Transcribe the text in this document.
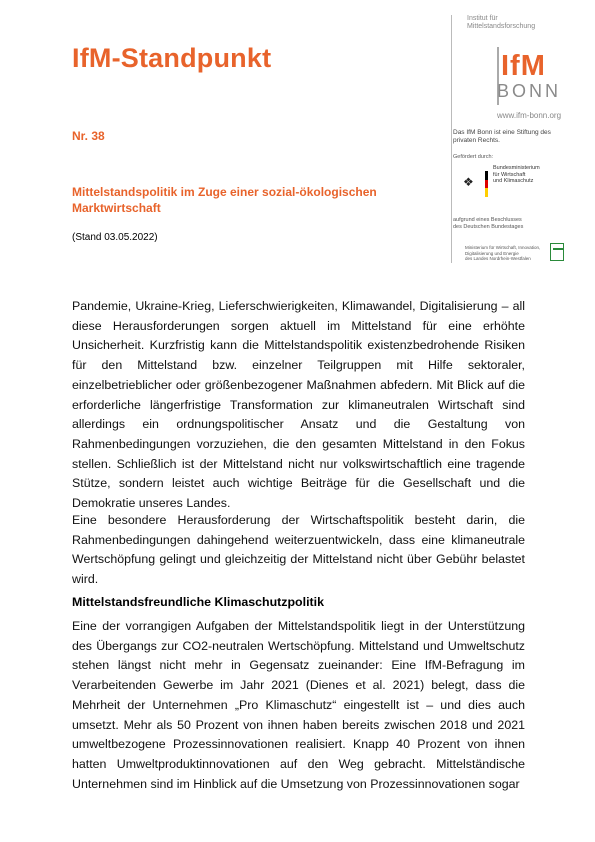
IfM-Standpunkt
Nr. 38
Mittelstandspolitik im Zuge einer sozial-ökologischen Marktwirtschaft
(Stand 03.05.2022)
Institut für
Mittelstandsforschung
IfM
BONN
www.ifm-bonn.org
Das IfM Bonn ist eine Stiftung des privaten Rechts.
Gefördert durch:
❖
Bundesministerium
für Wirtschaft
und Klimaschutz
aufgrund eines Beschlusses
des Deutschen Bundestages
Ministerium für Wirtschaft, Innovation,
Digitalisierung und Energie
des Landes Nordrhein-Westfalen
Pandemie, Ukraine-Krieg, Lieferschwierigkeiten, Klimawandel, Digitalisierung – all diese Herausforderungen sorgen aktuell im Mittelstand für eine erhöhte Unsicherheit. Kurzfristig kann die Mittelstandspolitik existenzbedrohende Risiken für den Mittelstand bzw. einzelner Teilgruppen mit Hilfe sektoraler, einzelbetrieblicher oder größenbezogener Maßnahmen abfedern. Mit Blick auf die erforderliche längerfristige Transformation zur klimaneutralen Wirtschaft sind allerdings ein ordnungspolitischer Ansatz und die Gestaltung von Rahmenbedingungen vorzuziehen, die den gesamten Mittelstand in den Fokus stellen. Schließlich ist der Mittelstand nicht nur volkswirtschaftlich eine tragende Stütze, sondern leistet auch wichtige Beiträge für die Gesellschaft und die Demokratie unseres Landes.
Eine besondere Herausforderung der Wirtschaftspolitik besteht darin, die Rahmenbedingungen dahingehend weiterzuentwickeln, dass eine klimaneutrale Wertschöpfung gelingt und gleichzeitig der Mittelstand nicht über Gebühr belastet wird.
Mittelstandsfreundliche Klimaschutzpolitik
Eine der vorrangigen Aufgaben der Mittelstandspolitik liegt in der Unterstützung des Übergangs zur CO2-neutralen Wertschöpfung. Mittelstand und Umweltschutz stehen längst nicht mehr in Gegensatz zueinander: Eine IfM-Befragung im Verarbeitenden Gewerbe im Jahr 2021 (Dienes et al. 2021) belegt, dass die Mehrheit der Unternehmen „Pro Klimaschutz“ eingestellt ist – und dies auch umsetzt. Mehr als 50 Prozent von ihnen haben bereits zwischen 2018 und 2021 umweltbezogene Prozessinnovationen realisiert. Knapp 40 Prozent von ihnen hatten Umweltproduktinnovationen auf den Weg gebracht. Mittelständische Unternehmen sind im Hinblick auf die Umsetzung von Prozessinnovationen sogar
